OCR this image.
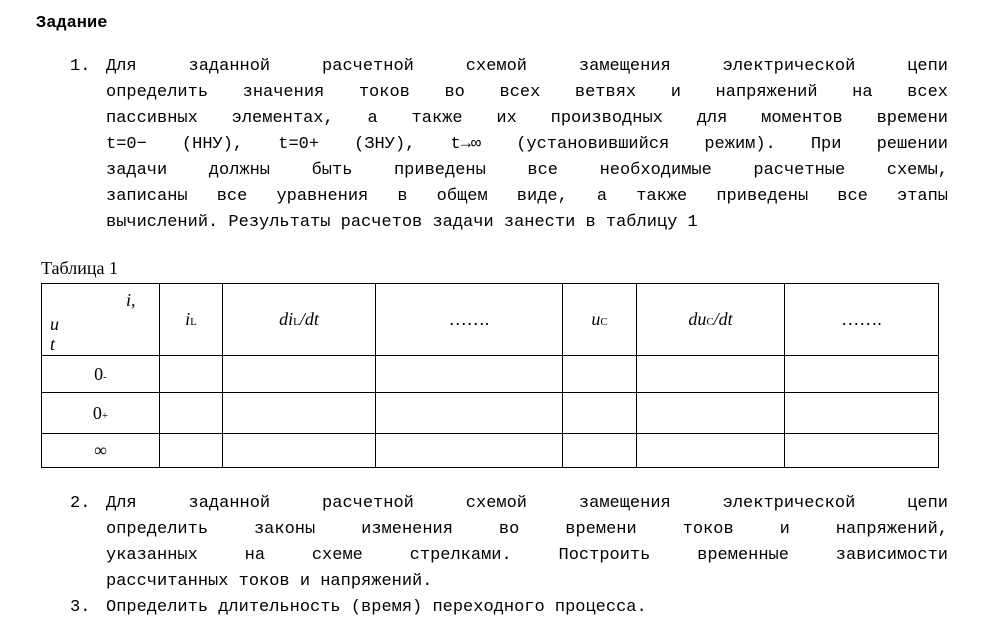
Задание
1. Для заданной расчетной схемой замещения электрической цепи
определить значения токов во всех ветвях и напряжений на всех
пассивных элементах, а также их производных для моментов времени
t=0− (ННУ), t=0+ (ЗНУ), t→∞ (установившийся режим). При решении
задачи должны быть приведены все необходимые расчетные схемы,
записаны все уравнения в общем виде, а также приведены все этапы
вычислений. Результаты расчетов задачи занести в таблицу 1
Таблица 1
i,
u
t	iL	diL/dt	…….	uC	duC/dt	…….
0-						
0+						
∞						
2. Для заданной расчетной схемой замещения электрической цепи
определить законы изменения во времени токов и напряжений,
указанных на схеме стрелками. Построить временные зависимости
рассчитанных токов и напряжений.
3. Определить длительность (время) переходного процесса.
